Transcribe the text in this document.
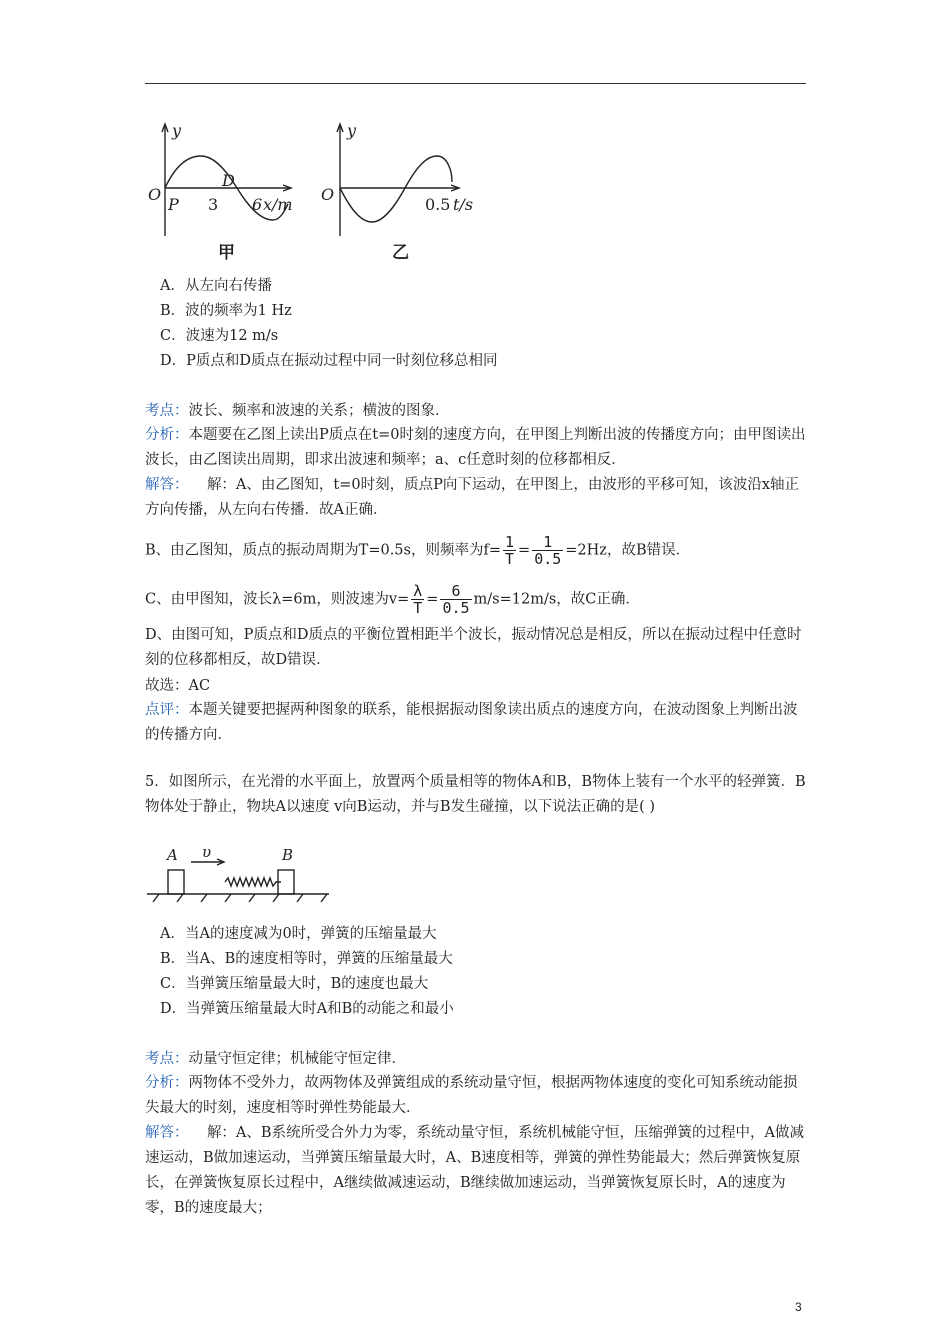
y
O
P
D
3 6 x/m
甲
y
O
0.5 t/s
乙
A．从左向右传播
B．波的频率为1 Hz
C．波速为12 m/s
D．P质点和D质点在振动过程中同一时刻位移总相同
考点：波长、频率和波速的关系；横波的图象．
分析：本题要在乙图上读出P质点在t=0时刻的速度方向，在甲图上判断出波的传播度方向；由甲图读出波长，由乙图读出周期，即求出波速和频率；a、c任意时刻的位移都相反．
解答： 解：A、由乙图知，t=0时刻，质点P向下运动，在甲图上，由波形的平移可知，该波沿x轴正方向传播，从左向右传播．故A正确．
B、由乙图知，质点的振动周期为T=0.5s，则频率为$f= \frac{1}{T} = \frac{1}{0.5} =2Hz$，故B错误．
C、由甲图知，波长λ=6m，则波速为$v= \frac{\lambda}{T} = \frac{6}{0.5} m/s=12m/s$，故C正确．
D、由图可知，P质点和D质点的平衡位置相距半个波长，振动情况总是相反，所以在振动过程中任意时刻的位移都相反，故D错误．
故选：AC
点评：本题关键要把握两种图象的联系，能根据振动图象读出质点的速度方向，在波动图象上判断出波的传播方向．
5．如图所示，在光滑的水平面上，放置两个质量相等的物体A和B，B物体上装有一个水平的轻弹簧．B物体处于静止，物块A以速度 v向B运动，并与B发生碰撞，以下说法正确的是( )
A υ	B
A．当A的速度减为0时，弹簧的压缩量最大
B．当A、B的速度相等时，弹簧的压缩量最大
C．当弹簧压缩量最大时，B的速度也最大
D．当弹簧压缩量最大时A和B的动能之和最小
考点：动量守恒定律；机械能守恒定律．
分析：两物体不受外力，故两物体及弹簧组成的系统动量守恒，根据两物体速度的变化可知系统动能损失最大的时刻，速度相等时弹性势能最大．
解答： 解：A、B系统所受合外力为零，系统动量守恒，系统机械能守恒，压缩弹簧的过程中，A做减速运动，B做加速运动，当弹簧压缩量最大时，A、B速度相等，弹簧的弹性势能最大；然后弹簧恢复原长，在弹簧恢复原长过程中，A继续做减速运动，B继续做加速运动，当弹簧恢复原长时，A的速度为零，B的速度最大；
3
